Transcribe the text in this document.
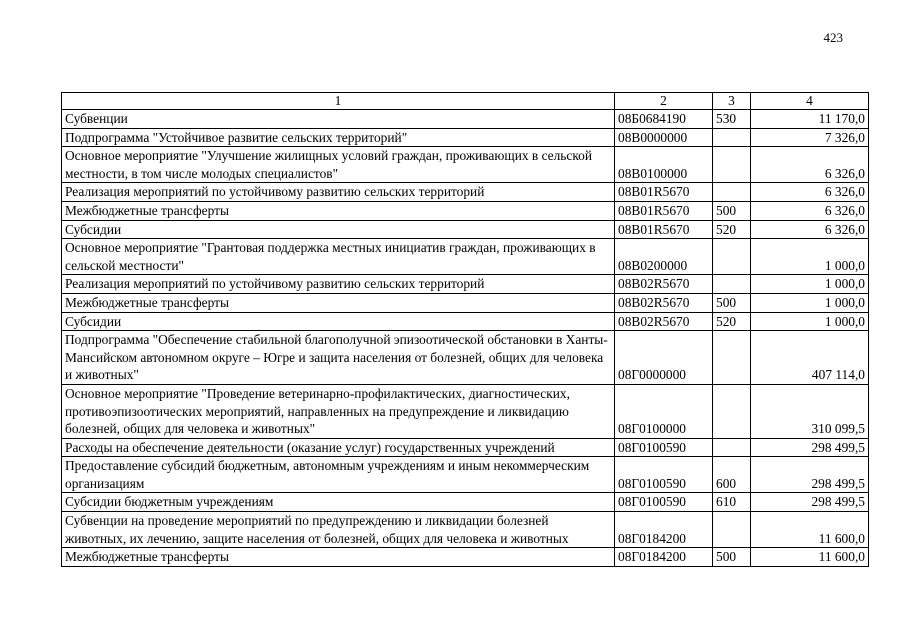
423
1	2	3	4
Субвенции	08Б0684190	530	11 170,0
Подпрограмма "Устойчивое развитие сельских территорий"	08В0000000		7 326,0
Основное мероприятие "Улучшение жилищных условий граждан, проживающих в сельской местности, в том числе молодых специалистов"	08В0100000		6 326,0
Реализация мероприятий по устойчивому развитию сельских территорий	08В01R5670		6 326,0
Межбюджетные трансферты	08В01R5670	500	6 326,0
Субсидии	08В01R5670	520	6 326,0
Основное мероприятие "Грантовая поддержка местных инициатив граждан, проживающих в сельской местности"	08В0200000		1 000,0
Реализация мероприятий по устойчивому развитию сельских территорий	08В02R5670		1 000,0
Межбюджетные трансферты	08В02R5670	500	1 000,0
Субсидии	08В02R5670	520	1 000,0
Подпрограмма "Обеспечение стабильной благополучной эпизоотической обстановки в Ханты-Мансийском автономном округе – Югре и защита населения от болезней, общих для человека и животных"	08Г0000000		407 114,0
Основное мероприятие "Проведение ветеринарно-профилактических, диагностических, противоэпизоотических мероприятий, направленных на предупреждение и ликвидацию болезней, общих для человека и животных"	08Г0100000		310 099,5
Расходы на обеспечение деятельности (оказание услуг) государственных учреждений	08Г0100590		298 499,5
Предоставление субсидий бюджетным, автономным учреждениям и иным некоммерческим организациям	08Г0100590	600	298 499,5
Субсидии бюджетным учреждениям	08Г0100590	610	298 499,5
Субвенции на проведение мероприятий по предупреждению и ликвидации болезней животных, их лечению, защите населения от болезней, общих для человека и животных	08Г0184200		11 600,0
Межбюджетные трансферты	08Г0184200	500	11 600,0
